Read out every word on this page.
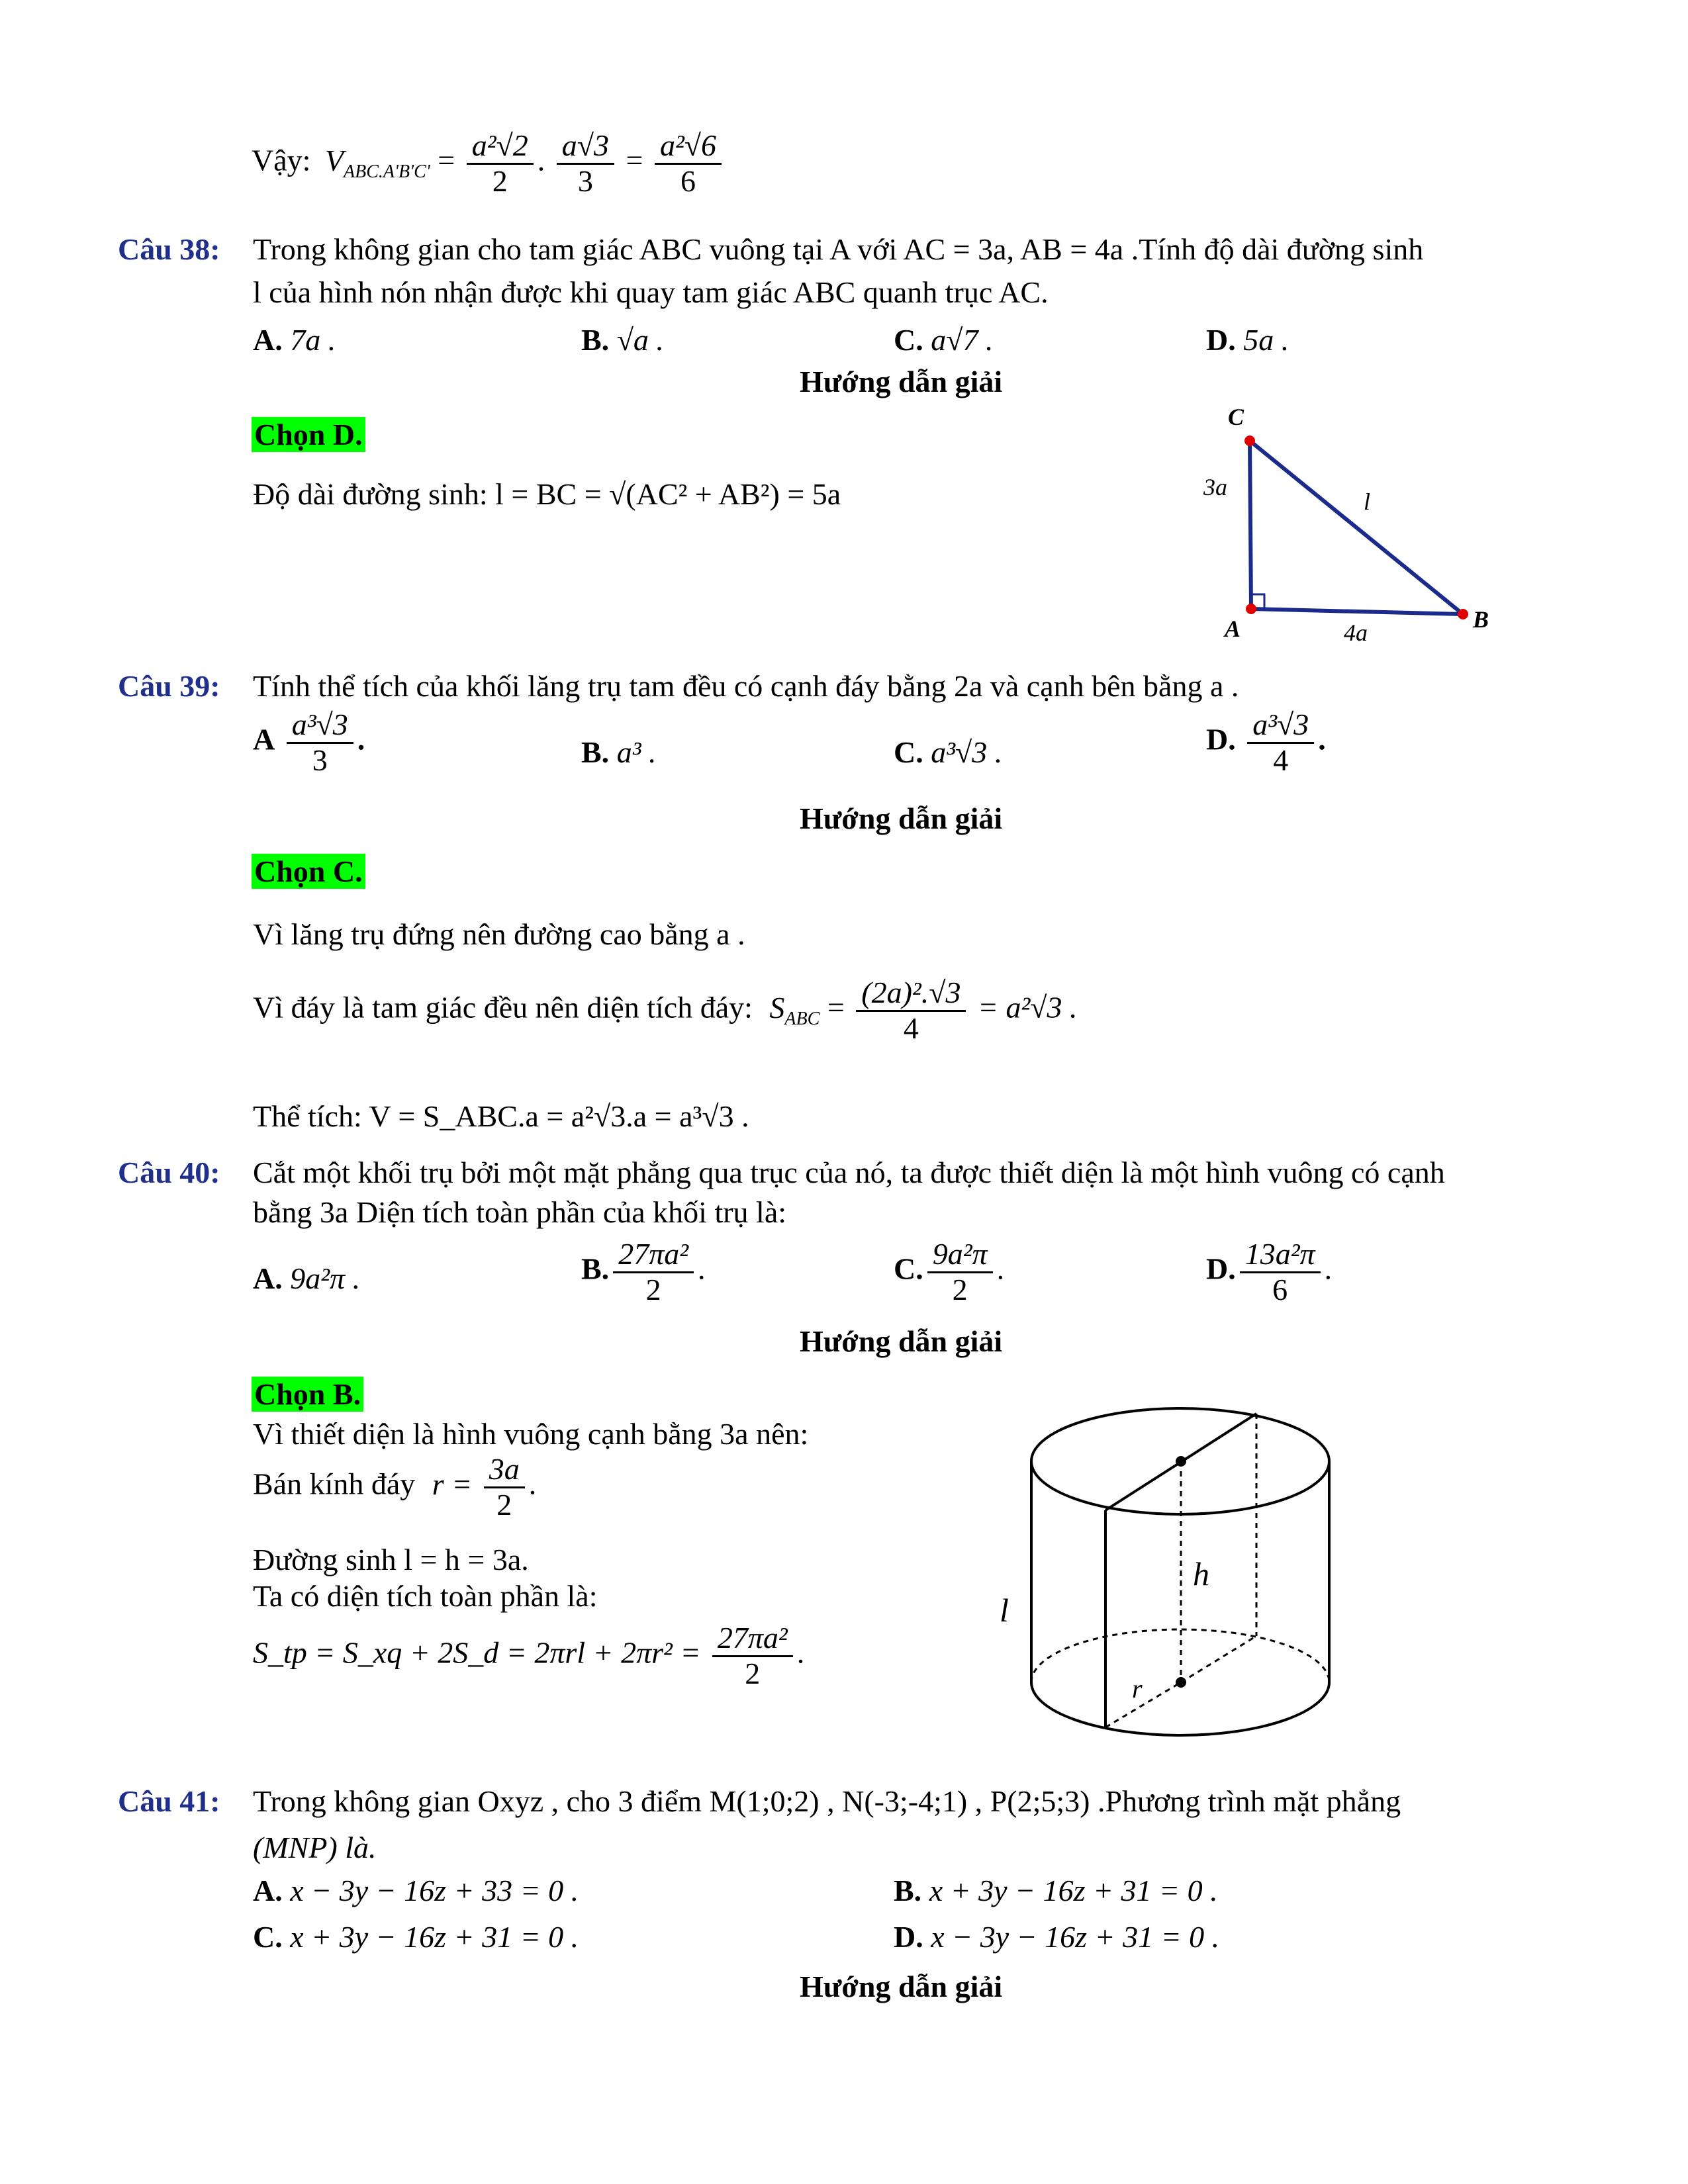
Vậy: $V_{ABC.A'B'C'} = \frac{\text{a²√2}}{2}$ . $\frac{a√3}{3} = \frac{\text{a²√6}}{6}$
Câu 38: Trong không gian cho tam giác ABC vuông tại A với AC = 3a, AB = 4a .Tính độ dài đường sinh
l của hình nón nhận được khi quay tam giác ABC quanh trục AC.
A. 7a .	B. √a .	C. a√7 .	D. 5a .
Hướng dẫn giải
Chọn D.
Độ dài đường sinh: l = BC = √(AC² + AB²) = 5a
C
A	B
3a
4a
l
Câu 39: Tính thể tích của khối lăng trụ tam đều có cạnh đáy bằng 2a và cạnh bên bằng a .
A $\frac{\text{a³√3}}{3}$ .	B. a³ .	C. a³√3 .	D. $\frac{\text{a³√3}}{4}$ .
Hướng dẫn giải
Chọn C.
Vì lăng trụ đứng nên đường cao bằng a .
Vì đáy là tam giác đều nên diện tích đáy: $S_{ABC} = \frac{\text{(2a)².√3}}{4} = a^2√3$ .
Thể tích: V = S_ABC.a = a²√3.a = a³√3 .
Câu 40: Cắt một khối trụ bởi một mặt phẳng qua trục của nó, ta được thiết diện là một hình vuông có cạnh
bằng 3a Diện tích toàn phần của khối trụ là:
A. 9a²π .	B. $\frac{\text{27πa²}}{2}$ .	C. $\frac{\text{9a²π}}{2}$ .	D. $\frac{\text{13a²π}}{6}$ .
Hướng dẫn giải
Chọn B.
Vì thiết diện là hình vuông cạnh bằng 3a nên:
Bán kính đáy $r = \frac{3a}{2}$ .
Đường sinh l = h = 3a.
Ta có diện tích toàn phần là:
S_tp = S_xq + 2S_d = $2\pi rl + 2\pi r^2 = \frac{\text{27πa²}}{2}$ .
h
l
r
Câu 41: Trong không gian Oxyz , cho 3 điểm M(1;0;2) , N(-3;-4;1) , P(2;5;3) .Phương trình mặt phẳng
(MNP) là.
A. x − 3y − 16z + 33 = 0 .	B. x + 3y − 16z + 31 = 0 .
C. x + 3y − 16z + 31 = 0 .	D. x − 3y − 16z + 31 = 0 .
Hướng dẫn giải
